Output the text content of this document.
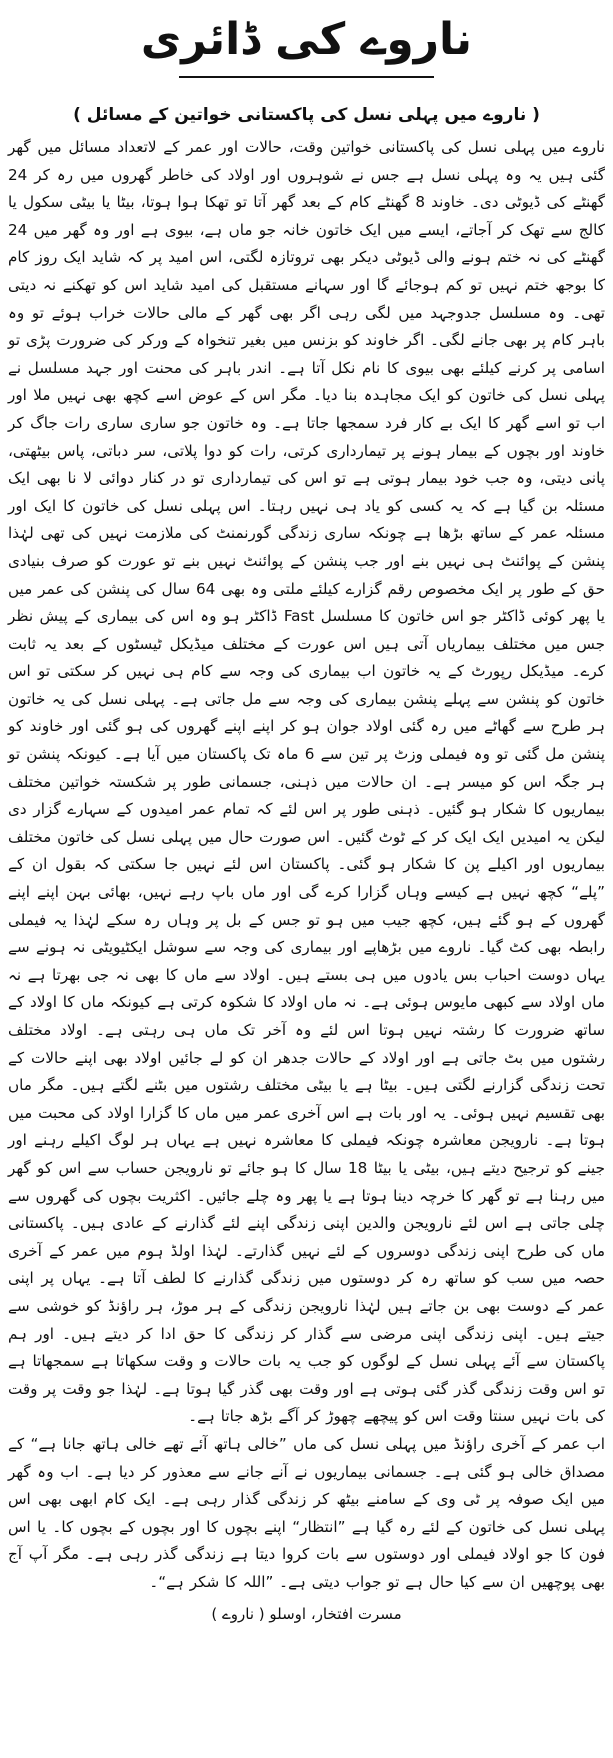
ناروے کی ڈائری
( ناروے میں پہلی نسل کی پاکستانی خواتین کے مسائل )

ناروے میں پہلی نسل کی پاکستانی خواتین وقت، حالات اور عمر کے لاتعداد مسائل میں گھر گئی ہیں یہ وہ پہلی نسل ہے جس نے شوہروں اور اولاد کی خاطر گھروں میں رہ کر 24 گھنٹے کی ڈیوٹی دی۔ خاوند 8 گھنٹے کام کے بعد گھر آتا تو تھکا ہوا ہوتا، بیٹا یا بیٹی سکول یا کالج سے تھک کر آجاتے، ایسے میں ایک خاتون خانہ جو ماں ہے، بیوی ہے اور وہ گھر میں 24 گھنٹے کی نہ ختم ہونے والی ڈیوٹی دیکر بھی تروتازہ لگتی، اس امید پر کہ شاید ایک روز کام کا بوجھ ختم نہیں تو کم ہوجائے گا اور سہانے مستقبل کی امید شاید اس کو تھکنے نہ دیتی تھی۔ وہ مسلسل جدوجہد میں لگی رہی اگر بھی گھر کے مالی حالات خراب ہوئے تو وہ باہر کام پر بھی جانے لگی۔ اگر خاوند کو بزنس میں بغیر تنخواہ کے ورکر کی ضرورت پڑی تو اسامی پر کرنے کیلئے بھی بیوی کا نام نکل آتا ہے۔ اندر باہر کی محنت اور جہد مسلسل نے پہلی نسل کی خاتون کو ایک مجاہدہ بنا دیا۔ مگر اس کے عوض اسے کچھ بھی نہیں ملا اور اب تو اسے گھر کا ایک بے کار فرد سمجھا جاتا ہے۔ وہ خاتون جو ساری ساری رات جاگ کر خاوند اور بچوں کے بیمار ہونے پر تیمارداری کرتی، رات کو دوا پلاتی، سر دباتی، پاس بیٹھتی، پانی دیتی، وہ جب خود بیمار ہوتی ہے تو اس کی تیمارداری تو در کنار دوائی لا نا بھی ایک مسئلہ بن گیا ہے کہ یہ کسی کو یاد ہی نہیں رہتا۔ اس پہلی نسل کی خاتون کا ایک اور مسئلہ عمر کے ساتھ بڑھا ہے چونکہ ساری زندگی گورنمنٹ کی ملازمت نہیں کی تھی لہٰذا پنشن کے پوائنٹ ہی نہیں بنے اور جب پنشن کے پوائنٹ نہیں بنے تو عورت کو صرف بنیادی حق کے طور پر ایک مخصوص رقم گزارے کیلئے ملتی وہ بھی 64 سال کی پنشن کی عمر میں یا پھر کوئی ڈاکٹر جو اس خاتون کا مسلسل Fast ڈاکٹر ہو وہ اس کی بیماری کے پیش نظر جس میں مختلف بیماریاں آتی ہیں اس عورت کے مختلف میڈیکل ٹیسٹوں کے بعد یہ ثابت کرے۔ میڈیکل رپورٹ کے یہ خاتون اب بیماری کی وجہ سے کام ہی نہیں کر سکتی تو اس خاتون کو پنشن سے پہلے پنشن بیماری کی وجہ سے مل جاتی ہے۔ پہلی نسل کی یہ خاتون ہر طرح سے گھاٹے میں رہ گئی اولاد جوان ہو کر اپنے اپنے گھروں کی ہو گئی اور خاوند کو پنشن مل گئی تو وہ فیملی وزٹ پر تین سے 6 ماہ تک پاکستان میں آیا ہے۔ کیونکہ پنشن تو ہر جگہ اس کو میسر ہے۔ ان حالات میں ذہنی، جسمانی طور پر شکستہ خواتین مختلف بیماریوں کا شکار ہو گئیں۔ ذہنی طور پر اس لئے کہ تمام عمر امیدوں کے سہارے گزار دی لیکن یہ امیدیں ایک ایک کر کے ٹوٹ گئیں۔ اس صورت حال میں پہلی نسل کی خاتون مختلف بیماریوں اور اکیلے پن کا شکار ہو گئی۔ پاکستان اس لئے نہیں جا سکتی کہ بقول ان کے ”پلے“ کچھ نہیں ہے کیسے وہاں گزارا کرے گی اور ماں باپ رہے نہیں، بھائی بہن اپنے اپنے گھروں کے ہو گئے ہیں، کچھ جیب میں ہو تو جس کے بل پر وہاں رہ سکے لہٰذا یہ فیملی رابطہ بھی کٹ گیا۔ ناروے میں بڑھاپے اور بیماری کی وجہ سے سوشل ایکٹیویٹی نہ ہونے سے یہاں دوست احباب بس یادوں میں ہی بستے ہیں۔ اولاد سے ماں کا بھی نہ جی بھرتا ہے نہ ماں اولاد سے کبھی مایوس ہوئی ہے۔ نہ ماں اولاد کا شکوہ کرتی ہے کیونکہ ماں کا اولاد کے ساتھ ضرورت کا رشتہ نہیں ہوتا اس لئے وہ آخر تک ماں ہی رہتی ہے۔ اولاد مختلف رشتوں میں بٹ جاتی ہے اور اولاد کے حالات جدھر ان کو لے جائیں اولاد بھی اپنے حالات کے تحت زندگی گزارنے لگتی ہیں۔ بیٹا ہے یا بیٹی مختلف رشتوں میں بٹنے لگتے ہیں۔ مگر ماں بھی تقسیم نہیں ہوئی۔ یہ اور بات ہے اس آخری عمر میں ماں کا گزارا اولاد کی محبت میں ہوتا ہے۔ نارویجن معاشرہ چونکہ فیملی کا معاشرہ نہیں ہے یہاں ہر لوگ اکیلے رہنے اور جینے کو ترجیح دیتے ہیں، بیٹی یا بیٹا 18 سال کا ہو جائے تو نارویجن حساب سے اس کو گھر میں رہنا ہے تو گھر کا خرچہ دینا ہوتا ہے یا پھر وہ چلے جائیں۔ اکثریت بچوں کی گھروں سے چلی جاتی ہے اس لئے نارویجن والدین اپنی زندگی اپنے لئے گذارنے کے عادی ہیں۔ پاکستانی ماں کی طرح اپنی زندگی دوسروں کے لئے نہیں گذارتے۔ لہٰذا اولڈ ہوم میں عمر کے آخری حصہ میں سب کو ساتھ رہ کر دوستوں میں زندگی گذارنے کا لطف آتا ہے۔ یہاں پر اپنی عمر کے دوست بھی بن جاتے ہیں لہٰذا نارویجن زندگی کے ہر موڑ، ہر راؤنڈ کو خوشی سے جیتے ہیں۔ اپنی زندگی اپنی مرضی سے گذار کر زندگی کا حق ادا کر دیتے ہیں۔ اور ہم پاکستان سے آئے پہلی نسل کے لوگوں کو جب یہ بات حالات و وقت سکھاتا ہے سمجھاتا ہے تو اس وقت زندگی گذر گئی ہوتی ہے اور وقت بھی گذر گیا ہوتا ہے۔ لہٰذا جو وقت پر وقت کی بات نہیں سنتا وقت اس کو پیچھے چھوڑ کر آگے بڑھ جاتا ہے۔

اب عمر کے آخری راؤنڈ میں پہلی نسل کی ماں ”خالی ہاتھ آئے تھے خالی ہاتھ جانا ہے“ کے مصداق خالی ہو گئی ہے۔ جسمانی بیماریوں نے آنے جانے سے معذور کر دیا ہے۔ اب وہ گھر میں ایک صوفہ پر ٹی وی کے سامنے بیٹھ کر زندگی گذار رہی ہے۔ ایک کام ابھی بھی اس پہلی نسل کی خاتون کے لئے رہ گیا ہے ”انتظار“ اپنے بچوں کا اور بچوں کے بچوں کا۔ یا اس فون کا جو اولاد فیملی اور دوستوں سے بات کروا دیتا ہے زندگی گذر رہی ہے۔ مگر آپ آج بھی پوچھیں ان سے کیا حال ہے تو جواب دیتی ہے۔ ”اللہ کا شکر ہے“۔

مسرت افتخار، اوسلو ( ناروے )
